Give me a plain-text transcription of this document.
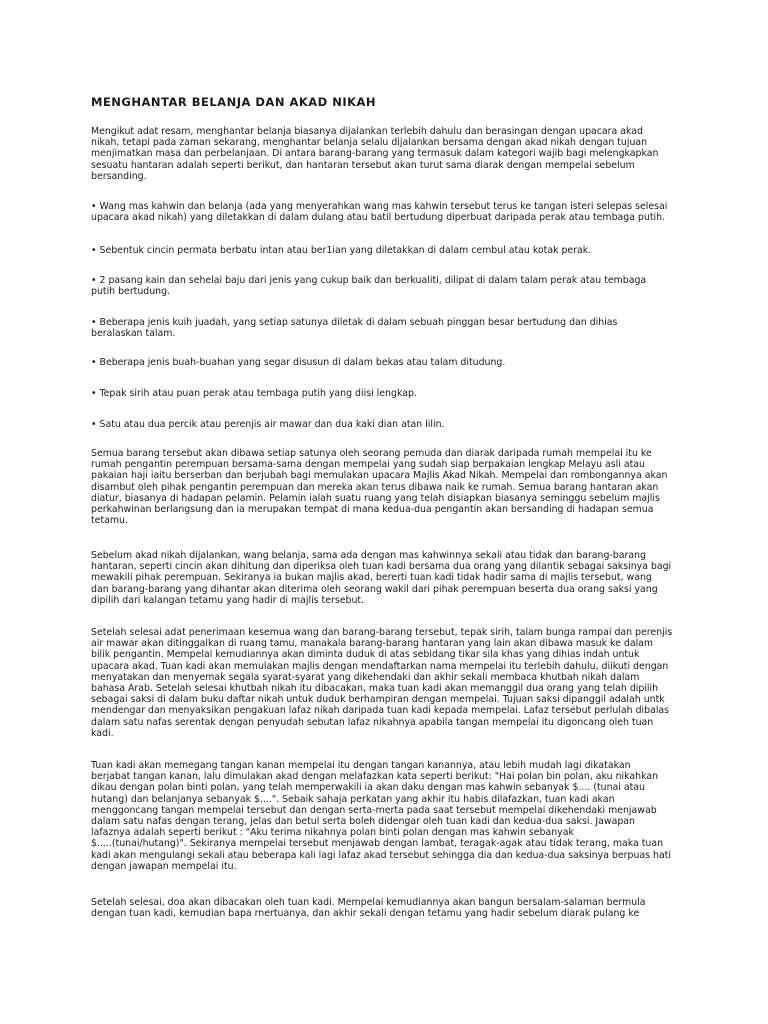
MENGHANTAR BELANJA DAN AKAD NIKAH

Mengikut adat resam, menghantar belanja biasanya dijalankan terlebih dahulu dan berasingan dengan upacara akad
nikah, tetapi pada zaman sekarang, menghantar belanja selalu dijalankan bersama dengan akad nikah dengan tujuan
menjimatkan masa dan perbelanjaan. Di antara barang-barang yang termasuk dalam kategori wajib bagi melengkapkan
sesuatu hantaran adalah seperti berikut, dan hantaran tersebut akan turut sama diarak dengan mempelai sebelum
bersanding.

• Wang mas kahwin dan belanja (ada yang menyerahkan wang mas kahwin tersebut terus ke tangan isteri selepas selesai
upacara akad nikah) yang diletakkan di dalam dulang atau batil bertudung diperbuat daripada perak atau tembaga putih.

• Sebentuk cincin permata berbatu intan atau ber1ian yang diletakkan di dalam cembul atau kotak perak.

• 2 pasang kain dan sehelai baju dari jenis yang cukup baik dan berkualiti, dilipat di dalam talam perak atau tembaga
putih bertudung.

• Beberapa jenis kuih juadah, yang setiap satunya diletak di dalam sebuah pinggan besar bertudung dan dihias
beralaskan talam.

• Beberapa jenis buah-buahan yang segar disusun di dalam bekas atau talam ditudung.

• Tepak sirih atau puan perak atau tembaga putih yang diisi lengkap.

• Satu atau dua percik atau perenjis air mawar dan dua kaki dian atan lilin.

Semua barang tersebut akan dibawa setiap satunya oleh seorang pemuda dan diarak daripada rumah mempelai itu ke
rumah pengantin perempuan bersama-sama dengan mempelai yang sudah siap berpakaian lengkap Melayu asli atau
pakaian haji iaitu berserban dan berjubah bagi memulakan upacara Majlis Akad Nikah. Mempelai dan rombongannya akan
disambut oleh pihak pengantin perempuan dan mereka akan terus dibawa naik ke rumah. Semua barang hantaran akan
diatur, biasanya di hadapan pelamin. Pelamin ialah suatu ruang yang telah disiapkan biasanya seminggu sebelum majlis
perkahwinan berlangsung dan ia merupakan tempat di mana kedua-dua pengantin akan bersanding di hadapan semua
tetamu.

Sebelum akad nikah dijalankan, wang belanja, sama ada dengan mas kahwinnya sekali atau tidak dan barang-barang
hantaran, seperti cincin akan dihitung dan diperiksa oleh tuan kadi bersama dua orang yang dilantik sebagai saksinya bagi
mewakili pihak perempuan. Sekiranya ia bukan majlis akad, bererti tuan kadi tidak hadir sama di majlis tersebut, wang
dan barang-barang yang dihantar akan diterima oleh seorang wakil dari pihak perempuan beserta dua orang saksi yang
dipilih dari kalangan tetamu yang hadir di majlis tersebut.

Setelah selesai adat penerimaan kesemua wang dan barang-barang tersebut, tepak sirih, talam bunga rampai dan perenjis
air mawar akan ditinggalkan di ruang tamu, manakala barang-barang hantaran yang lain akan dibawa masuk ke dalam
bilik pengantin. Mempelai kemudiannya akan diminta duduk di atas sebidang tikar sila khas yang dihias indah untuk
upacara akad. Tuan kadi akan memulakan majlis dengan mendaftarkan nama mempelai itu terlebih dahulu, diikuti dengan
menyatakan dan menyemak segala syarat-syarat yang dikehendaki dan akhir sekali membaca khutbah nikah dalam
bahasa Arab. Setelah selesai khutbah nikah itu dibacakan, maka tuan kadi akan memanggil dua orang yang telah dipilih
sebagai saksi di dalam buku daftar nikah untuk duduk berhampiran dengan mempelai. Tujuan saksi dipanggil adalah untk
mendengar dan menyaksikan pengakuan lafaz nikah daripada tuan kadi kepada mempelai. Lafaz tersebut perlulah dibalas
dalam satu nafas serentak dengan penyudah sebutan lafaz nikahnya apabila tangan mempelai itu digoncang oleh tuan
kadi.

Tuan kadi akan memegang tangan kanan mempelai itu dengan tangan kanannya, atau lebih mudah lagi dikatakan
berjabat tangan kanan, lalu dimulakan akad dengan melafazkan kata seperti berikut: "Hai polan bin polan, aku nikahkan
dikau dengan polan binti polan, yang telah memperwakili ia akan daku dengan mas kahwin sebanyak $.... (tunai atau
hutang) dan belanjanya sebanyak $....". Sebaik sahaja perkatan yang akhir itu habis dilafazkan, tuan kadi akan
menggoncang tangan mempelai tersebut dan dengan serta-merta pada saat tersebut mempelai dikehendaki menjawab
dalam satu nafas dengan terang, jelas dan betul serta boleh didengar oleh tuan kadi dan kedua-dua saksi. Jawapan
lafaznya adalah seperti berikut : "Aku terima nikahnya polan binti polan dengan mas kahwin sebanyak
$.....(tunai/hutang)". Sekiranya mempelai tersebut menjawab dengan lambat, teragak-agak atau tidak terang, maka tuan
kadi akan mengulangi sekali atau beberapa kali lagi lafaz akad tersebut sehingga dia dan kedua-dua saksinya berpuas hati
dengan jawapan mempelai itu.

Setelah selesai, doa akan dibacakan oleh tuan kadi. Mempelai kemudiannya akan bangun bersalam-salaman bermula
dengan tuan kadi, kemudian bapa rnertuanya, dan akhir sekali dengan tetamu yang hadir sebelum diarak pulang ke
